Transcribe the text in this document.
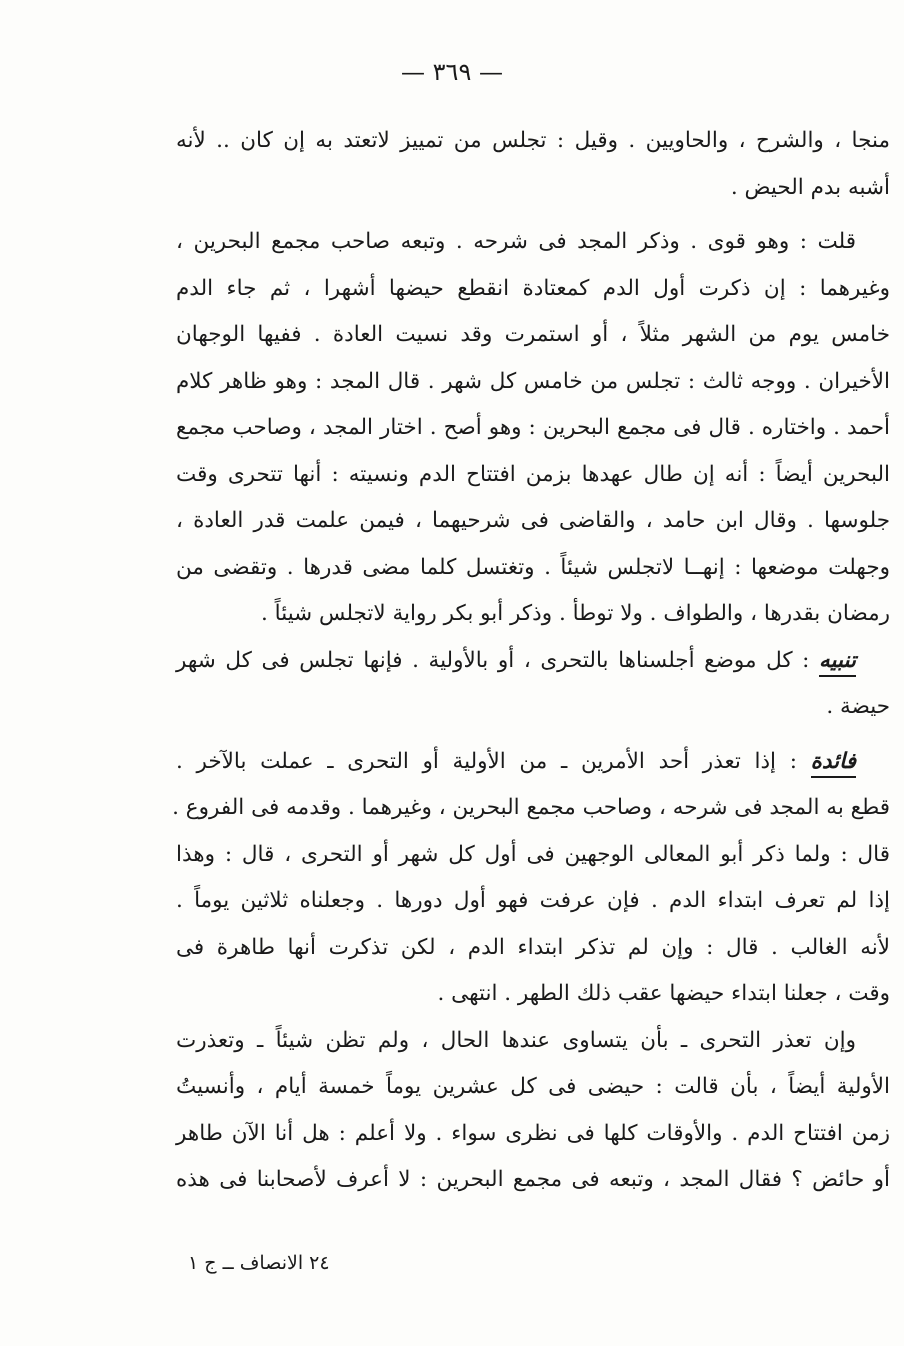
— ٣٦٩ —
منجا ، والشرح ، والحاويين . وقيل : تجلس من تمييز لاتعتد به إن كان .. لأنه
أشبه بدم الحيض .
قلت : وهو قوى . وذكر المجد فى شرحه . وتبعه صاحب مجمع البحرين ،
وغيرهما : إن ذكرت أول الدم كمعتادة انقطع حيضها أشهرا ، ثم جاء الدم
خامس يوم من الشهر مثلاً ، أو استمرت وقد نسيت العادة . ففيها الوجهان
الأخيران . ووجه ثالث : تجلس من خامس كل شهر . قال المجد : وهو ظاهر كلام
أحمد . واختاره . قال فى مجمع البحرين : وهو أصح . اختار المجد ، وصاحب مجمع
البحرين أيضاً : أنه إن طال عهدها بزمن افتتاح الدم ونسيته : أنها تتحرى وقت
جلوسها . وقال ابن حامد ، والقاضى فى شرحيهما ، فيمن علمت قدر العادة ،
وجهلت موضعها : إنهــا لاتجلس شيئاً . وتغتسل كلما مضى قدرها . وتقضى من
رمضان بقدرها ، والطواف . ولا توطأ . وذكر أبو بكر رواية لاتجلس شيئاً .
تنبيه : كل موضع أجلسناها بالتحرى ، أو بالأولية . فإنها تجلس فى كل شهر
حيضة .
فائدة : إذا تعذر أحد الأمرين ـ من الأولية أو التحرى ـ عملت بالآخر .
قطع به المجد فى شرحه ، وصاحب مجمع البحرين ، وغيرهما . وقدمه فى الفروع .
قال : ولما ذكر أبو المعالى الوجهين فى أول كل شهر أو التحرى ، قال : وهذا
إذا لم تعرف ابتداء الدم . فإن عرفت فهو أول دورها . وجعلناه ثلاثين يوماً .
لأنه الغالب . قال : وإن لم تذكر ابتداء الدم ، لكن تذكرت أنها طاهرة فى
وقت ، جعلنا ابتداء حيضها عقب ذلك الطهر . انتهى .
وإن تعذر التحرى ـ بأن يتساوى عندها الحال ، ولم تظن شيئاً ـ وتعذرت
الأولية أيضاً ، بأن قالت : حيضى فى كل عشرين يوماً خمسة أيام ، وأنسيتُ
زمن افتتاح الدم . والأوقات كلها فى نظرى سواء . ولا أعلم : هل أنا الآن طاهر
أو حائض ؟ فقال المجد ، وتبعه فى مجمع البحرين : لا أعرف لأصحابنا فى هذه
٢٤ الانصاف ــ ج ١
